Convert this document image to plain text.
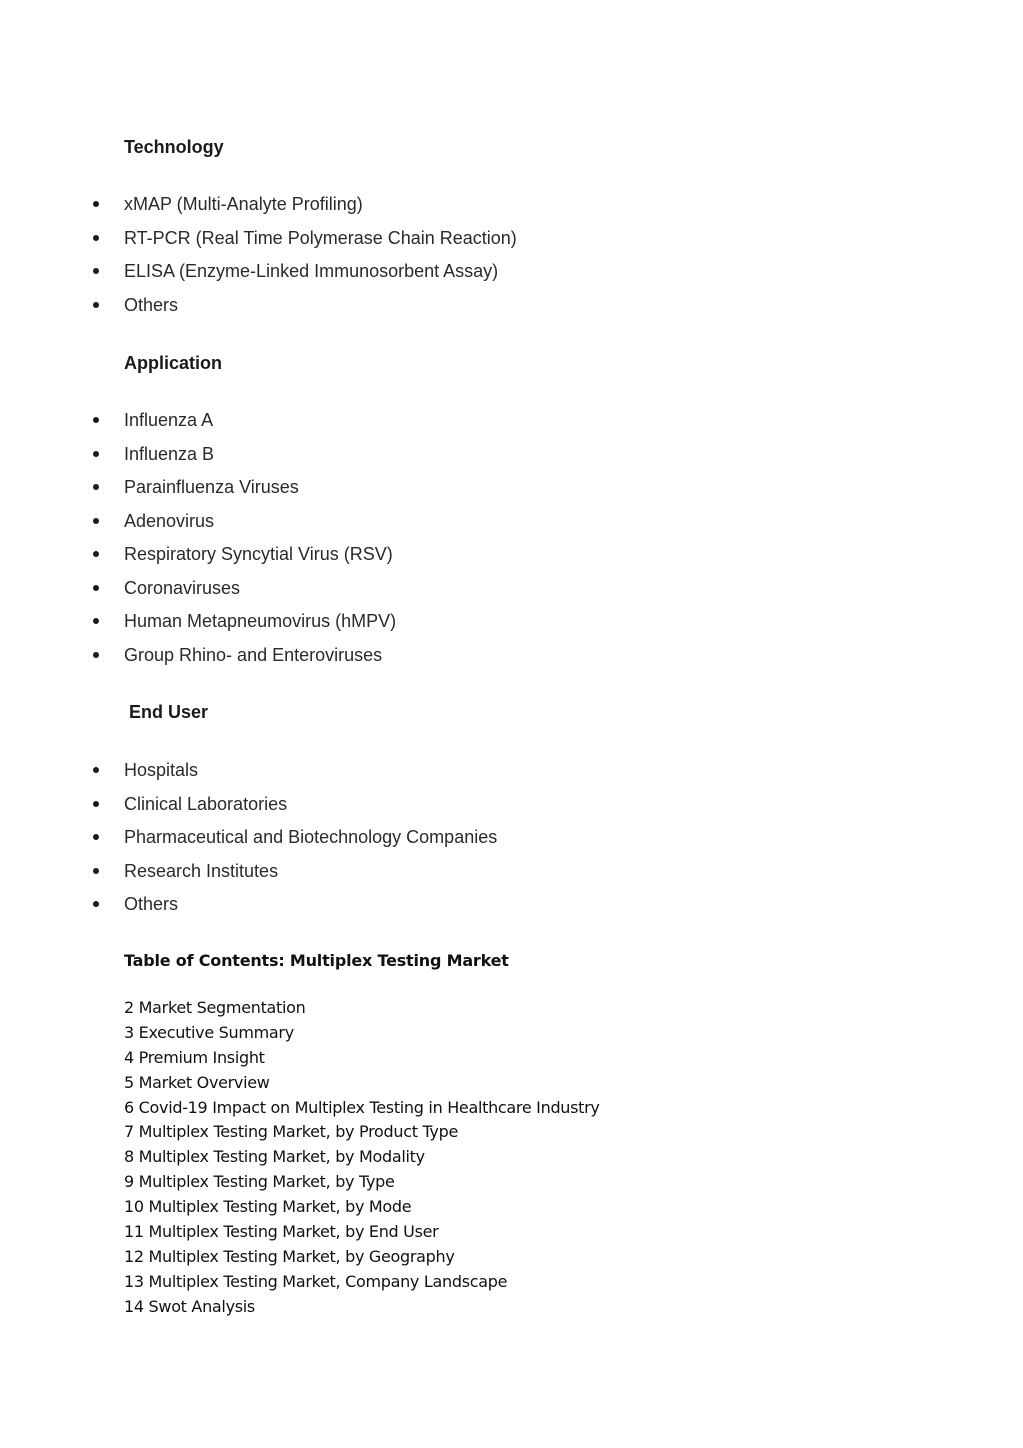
Technology
xMAP (Multi-Analyte Profiling)
RT-PCR (Real Time Polymerase Chain Reaction)
ELISA (Enzyme-Linked Immunosorbent Assay)
Others
Application
Influenza A
Influenza B
Parainfluenza Viruses
Adenovirus
Respiratory Syncytial Virus (RSV)
Coronaviruses
Human Metapneumovirus (hMPV)
Group Rhino- and Enteroviruses
End User
Hospitals
Clinical Laboratories
Pharmaceutical and Biotechnology Companies
Research Institutes
Others
Table of Contents: Multiplex Testing Market
2 Market Segmentation
3 Executive Summary
4 Premium Insight
5 Market Overview
6 Covid-19 Impact on Multiplex Testing in Healthcare Industry
7 Multiplex Testing Market, by Product Type
8 Multiplex Testing Market, by Modality
9 Multiplex Testing Market, by Type
10 Multiplex Testing Market, by Mode
11 Multiplex Testing Market, by End User
12 Multiplex Testing Market, by Geography
13 Multiplex Testing Market, Company Landscape
14 Swot Analysis
